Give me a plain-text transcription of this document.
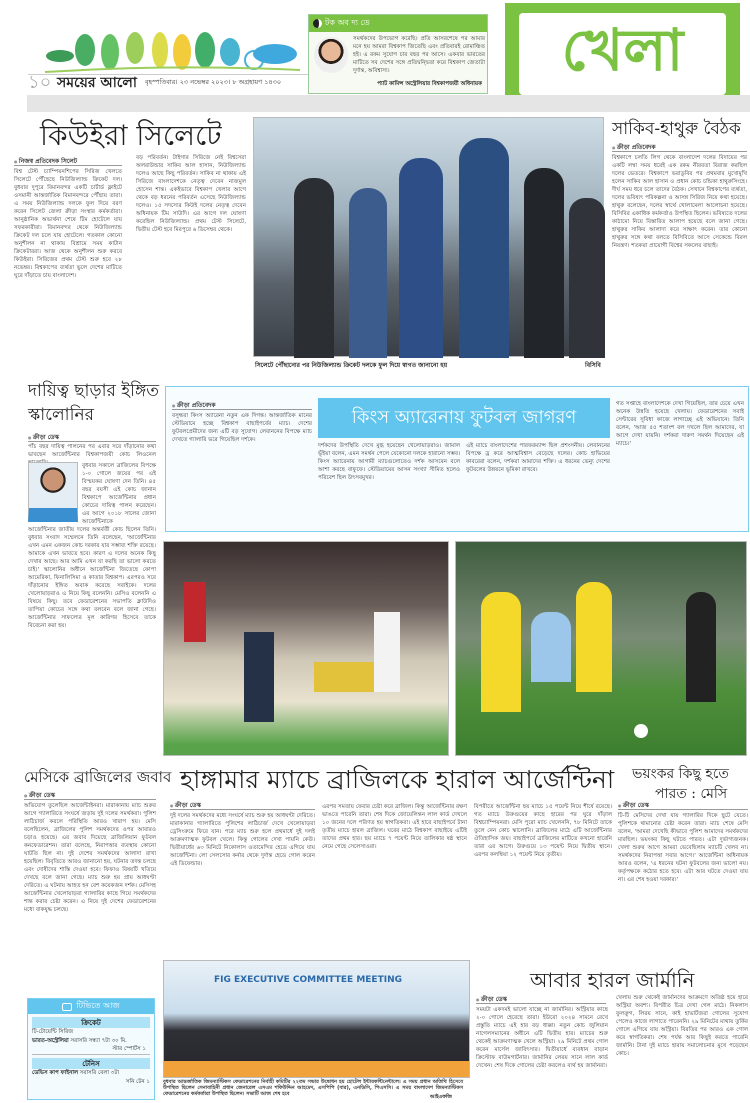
১০ সময়ের আলো বৃহস্পতিবার। ২৩ নভেম্বর ২০২৩। ৮ অগ্রহায়ণ ১৪৩০
টক অব দ্য ডে
সমর্থকদের উপভোগ করেছি। প্রতি আসরশেষে পর আমার মনে হয় আমরা বিশ্বকাপ জিতেছি এবং প্রতিবারই রোমাঞ্চিত হই। এ রকম সুযোগ চার বছর পর আসে। একবার ভারতের মাটিতে সব দেশের সঙ্গে প্রতিদ্বন্দ্বিতা করে বিশ্বকাপ জেতাটা দুর্দান্ত, অবিশ্বাস্য।
প্যাট কামিন্স অস্ট্রেলিয়ার বিশ্বকাপজয়ী অধিনায়ক
খেলা
কিউইরা সিলেটে
● নিজস্ব প্রতিবেদক সিলেট
বিশ্ব টেস্ট চ্যাম্পিয়নশিপের সিরিজ খেলতে সিলেটে পৌঁছেছে নিউজিল্যান্ড ক্রিকেট দল। বুধবার দুপুরে বিমানবন্দর একটি চার্টার্ড ফ্লাইটে ওসমানী আন্তর্জাতিক বিমানবন্দরে পৌঁছায় তারা। এ সময় নিউজিল্যান্ড দলকে ফুল দিয়ে বরণ করেন সিলেট জেলা ক্রীড়া সংস্থার কর্মকর্তারা। আনুষ্ঠানিক অভ্যর্থনা শেষে টিম হোটেলে যায় সফরকারীরা। বিমানবন্দর থেকে নিউজিল্যান্ড ক্রিকেট দল চলে যায় হোটেলে। গতকাল কোনো অনুশীলন না থাকায় বিশ্রামে সময় কাটান ক্রিকেটাররা। আজ থেকে অনুশীলন শুরু করবে কিউইরা। সিরিজের প্রথম টেস্ট শুরু হবে ২৮ নভেম্বর। বিশ্বকাপের ব্যর্থতা ভুলে দেশের মাটিতে ঘুরে দাঁড়াতে চায় বাংলাদেশ।
বড় পরিবর্তন। টাইগার সিরিজে নেই বিশ্বসেরা অলরাউন্ডার সাকিব আল হাসান, নিউজিল্যান্ড দলেও আছে কিছু পরিবর্তন। সাকিব না থাকায় এই সিরিজে বাংলাদেশকে নেতৃত্ব দেবেন নাজমুল হোসেন শান্ত। একইভাবে বিশ্বকাপ খেলার আগে থেকে বড় ধরনের পরিবর্তন এসেছে নিউজিল্যান্ড দলেও। ১৫ সদস্যের কিউই দলের নেতৃত্ব দেবেন অধিনায়ক টিম সাউদি। এর আগে দল ঘোষণা করেছিল নিউজিল্যান্ড। প্রথম টেস্ট সিলেটে, দ্বিতীয় টেস্ট হবে মিরপুরে ৬ ডিসেম্বর থেকে।
সিলেটে পৌঁছানোর পর নিউজিল্যান্ড ক্রিকেট দলকে ফুল দিয়ে স্বাগত জানানো হয়	বিসিবি
সাকিব-হাথুরু বৈঠক
● ক্রীড়া প্রতিবেদক
বিশ্বকাপে চলতি লিগ থেকে বাংলাদেশ দলের বিদায়ের পর একটি লম্বা সময় ধরেই এক রকম নীরবতা বিরাজ করছিল দলের ভেতরে। বিশ্বকাপে ভরাডুবির পর প্রথমবার মুখোমুখি হলেন সাকিব আল হাসান ও প্রধান কোচ চন্ডিকা হাথুরুসিংহে। দীর্ঘ সময় ধরে চলে তাদের বৈঠক। সেখানে বিশ্বকাপের ব্যর্থতা, দলের ভবিষ্যৎ পরিকল্পনা ও আসন্ন সিরিজ নিয়ে কথা হয়েছে। হাথুরু বলেছেন, দলের স্বার্থে খোলামেলা আলোচনা হয়েছে। বিসিবির একাধিক কর্মকর্তাও উপস্থিত ছিলেন। ভবিষ্যতে দলের কাঠামো নিয়ে বিস্তারিত আলাপ হয়েছে বলে জানা গেছে। হাথুরুর সাকিব আলাদা করে সাক্ষাৎ করেন। তার কোনো হাথুরুর সঙ্গে কথা বলতে বিসিবিতে আসে সেকেন্ডে বিরল নিয়ন্ত্রণ। শতকরা প্রায়োগী বিশ্বের সকলের বাছাই।
দায়িত্ব ছাড়ার ইঙ্গিত
স্কালোনির
● ক্রীড়া ডেস্ক
পাঁচ বছর দায়িত্ব পালনের পর এবার সরে দাঁড়ানোর কথা ভাবছেন আর্জেন্টিনার বিশ্বকাপজয়ী কোচ লিওনেল
বুধবার সকালে ব্রাজিলের বিপক্ষে ১-০ গোলে জয়ের পর এই বিস্ময়কর ঘোষণা দেন তিনি। ৪৫ বছর বয়সী এই কোচ জানান বিশ্বকাপে আর্জেন্টিনার প্রধান কোচের দায়িত্ব পালন করেছেন। এর আগে ২০১৮ সালের জোনা আর্জেন্টিনাকে
আর্জেন্টিনার জাতীয় দলের অন্তর্বর্তী কোচ ছিলেন তিনি। বুধবার সংবাদ সম্মেলনে তিনি বলেছেন, 'আর্জেন্টিনার এখন এমন একজন কোচ দরকার যার সম্ভাব্য শক্তি রয়েছে। আমাকে এখন ভাবতে হবে। কারণ এ দলের অনেক কিছু দেখার আছে। আর আমি এখন যা করছি তা ভালো করতে চাই।' স্কালোনির অধীনে আর্জেন্টিনা জিতেছে কোপা আমেরিকা, ফিনালিসিমা ও কাতার বিশ্বকাপ। এরপরও সরে দাঁড়ানোর ইঙ্গিত অবাক করেছে সবাইকে। দলের খেলোয়াড়রাও এ নিয়ে কিছু বলেননি। মেসিও বলেননি এ বিষয়ে কিছু। তবে ফেডারেশনের সভাপতি ক্লাউদিও তাপিয়া কোচের সঙ্গে কথা বলবেন বলে জানা গেছে। আর্জেন্টিনার সাফল্যের মূল কারিগর হিসেবে তাকে বিবেচনা করা হয়।
● ক্রীড়া প্রতিবেদক
বসুন্ধরা কিংস অ্যারেনা নতুন এক দিগন্ত। আন্তর্জাতিক মানের স্টেডিয়ামে হচ্ছে বিশ্বকাপ বাছাইপর্বের ম্যাচ। দেশের ফুটবলপ্রেমীদের জন্য এটি বড় সুযোগ। লেবাননের বিপক্ষে ম্যাচ দেখতে গ্যালারি ভরে গিয়েছিল দর্শকে।
কিংস অ্যারেনায় ফুটবল জাগরণ
দর্শকদের উপস্থিতি দেখে মুগ্ধ হয়েছেন খেলোয়াড়রাও। জামাল ভূঁইয়া বলেন, এমন সমর্থন পেলে যেকোনো দলকে হারানো সম্ভব। কিংস অ্যারেনায় আগামী ম্যাচগুলোতেও দর্শক আসবেন বলে আশা করছে বাফুফে। স্টেডিয়ামের আসন সংখ্যা সীমিত হলেও পরিবেশ ছিল উৎসবমুখর।
এই ম্যাচে বাংলাদেশের পারফরম্যান্স ছিল প্রশংসনীয়। লেবাননের বিপক্ষে ড্র করে আত্মবিশ্বাস বেড়েছে দলের। কোচ হাভিয়ের কাবরেরা বলেন, দর্শকরা আমাদের শক্তি। এ ধরনের ভেন্যু দেশের ফুটবলের উন্নয়নে ভূমিকা রাখবে।
গত সপ্তাহে বাংলাদেশকে দেখা গিয়েছিল, তার চেয়ে এখন অনেক উন্নতি হয়েছে খেলায়। ফেডারেশনের সবাই সেন্টারের সুবিধা কাজে লাগাচ্ছে এই অভিযানে। তিনি বলেন, 'আজ ৫৫ শতাংশ বল দখলে ছিল আমাদের, যা আগে দেখা যায়নি। দর্শকরা দারুণ সমর্থন দিয়েছেন এই ম্যাচে।'
মেসিকে ব্রাজিলের জবাব হাঙ্গামার ম্যাচে ব্রাজিলকে হারাল আর্জেন্টিনা ভয়ংকর কিছু হতে
পারত : মেসি
● ক্রীড়া ডেস্ক
অভিযোগ তুলেছিল আর্জেন্টাইনরা। মারাকানায় ম্যাচ শুরুর আগে গ্যালারিতে সংঘর্ষে জড়ায় দুই দলের সমর্থকরা। পুলিশ লাঠিচার্জ করলে পরিস্থিতি আরও খারাপ হয়। মেসি বলেছিলেন, ব্রাজিলের পুলিশ সমর্থকদের ওপর আবারও চড়াও হয়েছে। এর জবাব দিয়েছে ব্রাজিলিয়ান ফুটবল কনফেডারেশন। তারা বলেছে, নিরাপত্তার ব্যবস্থায় কোনো ঘাটতি ছিল না। দুই দেশের সমর্থকদের আলাদা রাখা হয়েছিল। বিবৃতিতে আরও জানানো হয়, ঘটনার তদন্ত চলছে এবং দোষীদের শাস্তি দেওয়া হবে। ফিফাও বিষয়টি খতিয়ে দেখছে বলে জানা গেছে। ম্যাচ শুরু হয় প্রায় আধঘণ্টা দেরিতে। এ ঘটনায় আহত হন বেশ কয়েকজন দর্শক। মেসিসহ আর্জেন্টিনার খেলোয়াড়রা গ্যালারির কাছে গিয়ে সমর্থকদের শান্ত করার চেষ্টা করেন। এ নিয়ে দুই দেশের ফেডারেশনের মধ্যে বাকযুদ্ধ চলছে।
● ক্রীড়া ডেস্ক
দুই দলের সমর্থকদের মধ্যে সংঘর্ষে ম্যাচ শুরু হয় আধঘণ্টা দেরিতে। মারাকানার গ্যালারিতে পুলিশের লাঠিচার্জ দেখে খেলোয়াড়রা ড্রেসিংরুমে ফিরে যান। পরে ম্যাচ শুরু হলে প্রথমার্ধে দুই দলই আক্রমণাত্মক ফুটবল খেলে। কিন্তু গোলের দেখা পায়নি কেউ। দ্বিতীয়ার্ধের ৬৩ মিনিটে নিকোলাস ওতামেন্দির হেডে এগিয়ে যায় আর্জেন্টিনা। লো সেলসোর কর্নার থেকে দুর্দান্ত হেডে গোল করেন এই ডিফেন্ডার।
এরপর সমতায় ফেরার চেষ্টা করে ব্রাজিল। কিন্তু আর্জেন্টিনার রক্ষণ ভাঙতে পারেনি তারা। শেষ দিকে জোয়েলিন্তন লাল কার্ড দেখলে ১০ জনের দলে পরিণত হয় স্বাগতিকরা। এই হারে বাছাইপর্বে টানা তৃতীয় ম্যাচে হারল ব্রাজিল। ঘরের মাঠে বিশ্বকাপ বাছাইয়ে এটিই তাদের প্রথম হার। ছয় ম্যাচে ৭ পয়েন্ট নিয়ে তালিকার ষষ্ঠ স্থানে নেমে গেছে সেলেসাওরা।
বিপরীতে আর্জেন্টিনা ছয় ম্যাচে ১৫ পয়েন্ট নিয়ে শীর্ষে রয়েছে। গত ম্যাচে উরুগুয়ের কাছে হারের পর ঘুরে দাঁড়াল বিশ্বচ্যাম্পিয়নরা। মেসি পুরো ম্যাচ খেলেননি, ৭৮ মিনিটে তাকে তুলে নেন কোচ স্কালোনি। ব্রাজিলের মাঠে এটি আর্জেন্টিনার ঐতিহাসিক জয়। বাছাইপর্বে ব্রাজিলের মাটিতে কখনো হারেনি তারা এর আগে। উরুগুয়ে ১৩ পয়েন্ট নিয়ে দ্বিতীয় স্থানে। এরপর কলম্বিয়া ১২ পয়েন্ট নিয়ে তৃতীয়।
● ক্রীড়া ডেস্ক
টি-টি মেসিদের দেখা যায় গ্যালারির দিকে ছুটে যেতে। পুলিশকে থামানোর চেষ্টা করেন তারা। ম্যাচ শেষে মেসি বলেন, 'আমরা দেখেছি কীভাবে পুলিশ আমাদের সমর্থকদের মারছিল। ভয়ংকর কিছু ঘটতে পারত। এটা দুর্ভাগ্যজনক। খেলা শুরুর আগে আমরা ভেবেছিলাম ম্যাচটি খেলব না। সমর্থকদের নিরাপত্তা সবার আগে।' আর্জেন্টিনা অধিনায়ক আরও বলেন, 'এ ধরনের ঘটনা ফুটবলের জন্য ভালো নয়। কর্তৃপক্ষকে কঠোর হতে হবে। এটা আর ঘটতে দেওয়া যায় না। এর শেষ হওয়া দরকার।'
টিভিতে আজ
ক্রিকেট
টি-টোয়েন্টি সিরিজ
ভারত-অস্ট্রেলিয়া সরাসরি সন্ধ্যা ৭টা ৩০ মি.
স্টার স্পোর্টস ১
টেনিস
ডেভিস কাপ ফাইনাল সরাসরি বেলা ৩টা
সনি টেন ১
FIG EXECUTIVE COMMITTEE MEETING
বুধবার আন্তর্জাতিক জিমন্যাস্টিকস ফেডারেশনের নির্বাহী কমিটির ২২তম সভার উদ্বোধন হয় হোটেল ইন্টারকন্টিনেন্টালে। এ সময় প্রধান অতিথি হিসেবে উপস্থিত ছিলেন সেনাবাহিনী প্রধান জেনারেল এসএম শফিউদ্দিন আহমেদ, এসপিপি (বার), এনডিসি, পিএসসি। এ সময় বাংলাদেশ জিমন্যাস্টিকস ফেডারেশনের কর্মকর্তারা উপস্থিত ছিলেন। সভাটি আজ শেষ হবে	আইএফজি
আবার হারল জার্মানি
● ক্রীড়া ডেস্ক
সময়টা একদমই ভালো যাচ্ছে না জার্মানির। অস্ট্রিয়ার কাছে ২-০ গোলে হেরেছে তারা। ইউরো ২০২৪ সামনে রেখে প্রস্তুতি ম্যাচে এই হার বড় ধাক্কা। নতুন কোচ জুলিয়ান নাগেলসম্যানের অধীনে এটি দ্বিতীয় হার। ম্যাচের শুরু থেকেই আক্রমণাত্মক খেলে অস্ট্রিয়া। ২৯ মিনিটে প্রথম গোল করেন মার্সেল জাবিৎসার। দ্বিতীয়ার্ধে ব্যবধান বাড়ান ক্রিস্টোফ বাউমগার্টনার। জার্মানির লেরয় সানে লাল কার্ড দেখেন। শেষ দিকে গোলের চেষ্টা করলেও ব্যর্থ হয় জার্মানরা।
খেলায় শুরু থেকেই জার্মানদের আক্রমণে অতিষ্ঠ হয়ে হারে অস্ট্রিয়া অবশ্য। বিপরীত চিত্র দেখা গেল মাঠে। নিকলাস ফুলক্রুগ, লিরয় সানে, কাই হাভার্টজরা গোলের সুযোগ পেলেও কাজে লাগাতে পারেননি। ২৯ মিনিটের মাথায় তুর্কির গোলে এগিয়ে যায় অস্ট্রিয়া। বিরতির পর আরও এক গোল করে স্বাগতিকরা। শেষ পর্যন্ত আর কিছুই করতে পারেনি জার্মানি। টানা দুই ম্যাচে হারায় সমালোচনার মুখে পড়েছেন কোচ।
